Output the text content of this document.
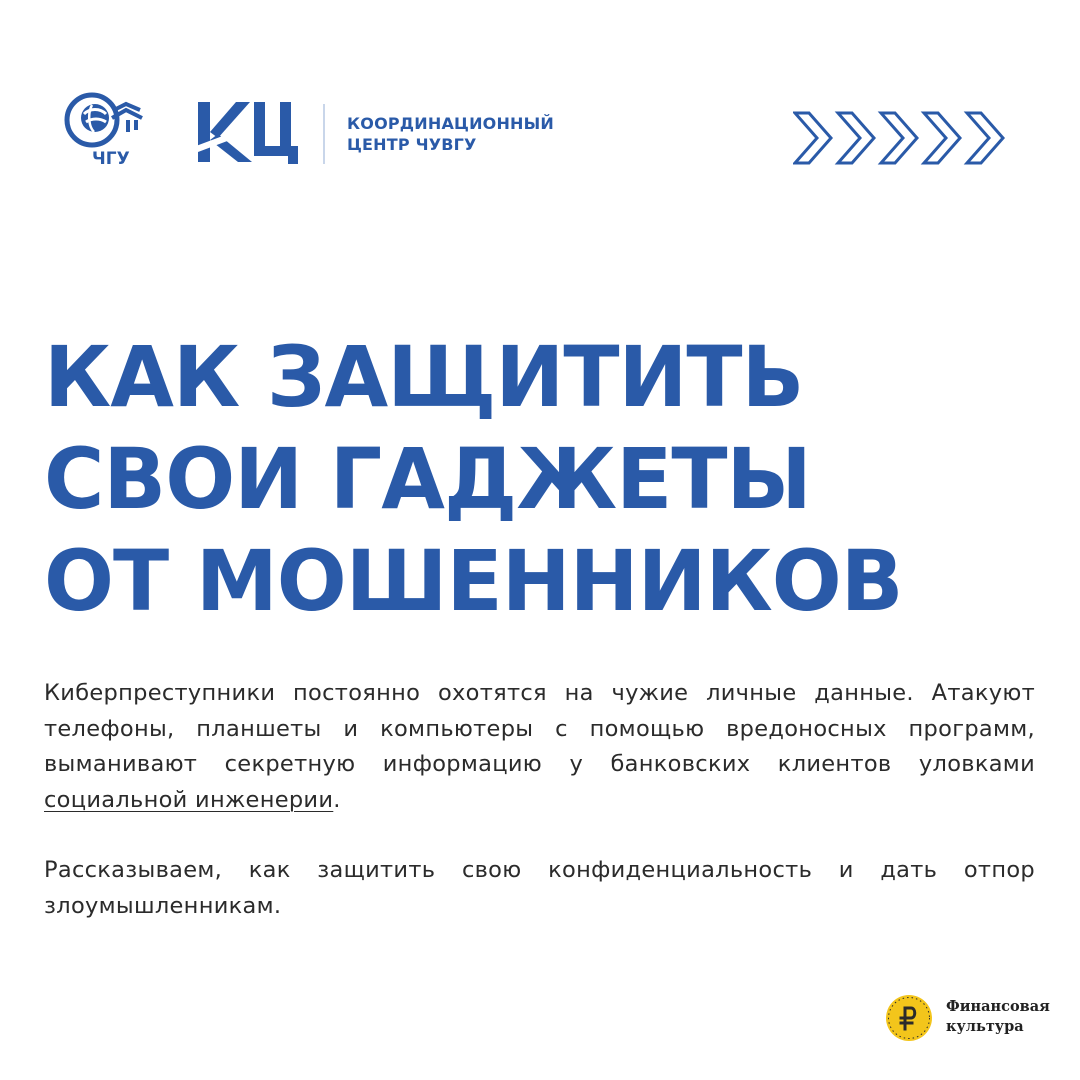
ЧГУ
КЦ
КООРДИНАЦИОННЫЙ
ЦЕНТР ЧУВГУ
КАК ЗАЩИТИТЬ
СВОИ ГАДЖЕТЫ
ОТ МОШЕННИКОВ

Киберпреступники постоянно охотятся на чужие личные данные. Атакуют телефоны, планшеты и компьютеры с помощью вредоносных программ, выманивают секретную информацию у банковских клиентов уловками социальной инженерии.

Рассказываем, как защитить свою конфиденциальность и дать отпор злоумышленникам.

Финансовая
культура
